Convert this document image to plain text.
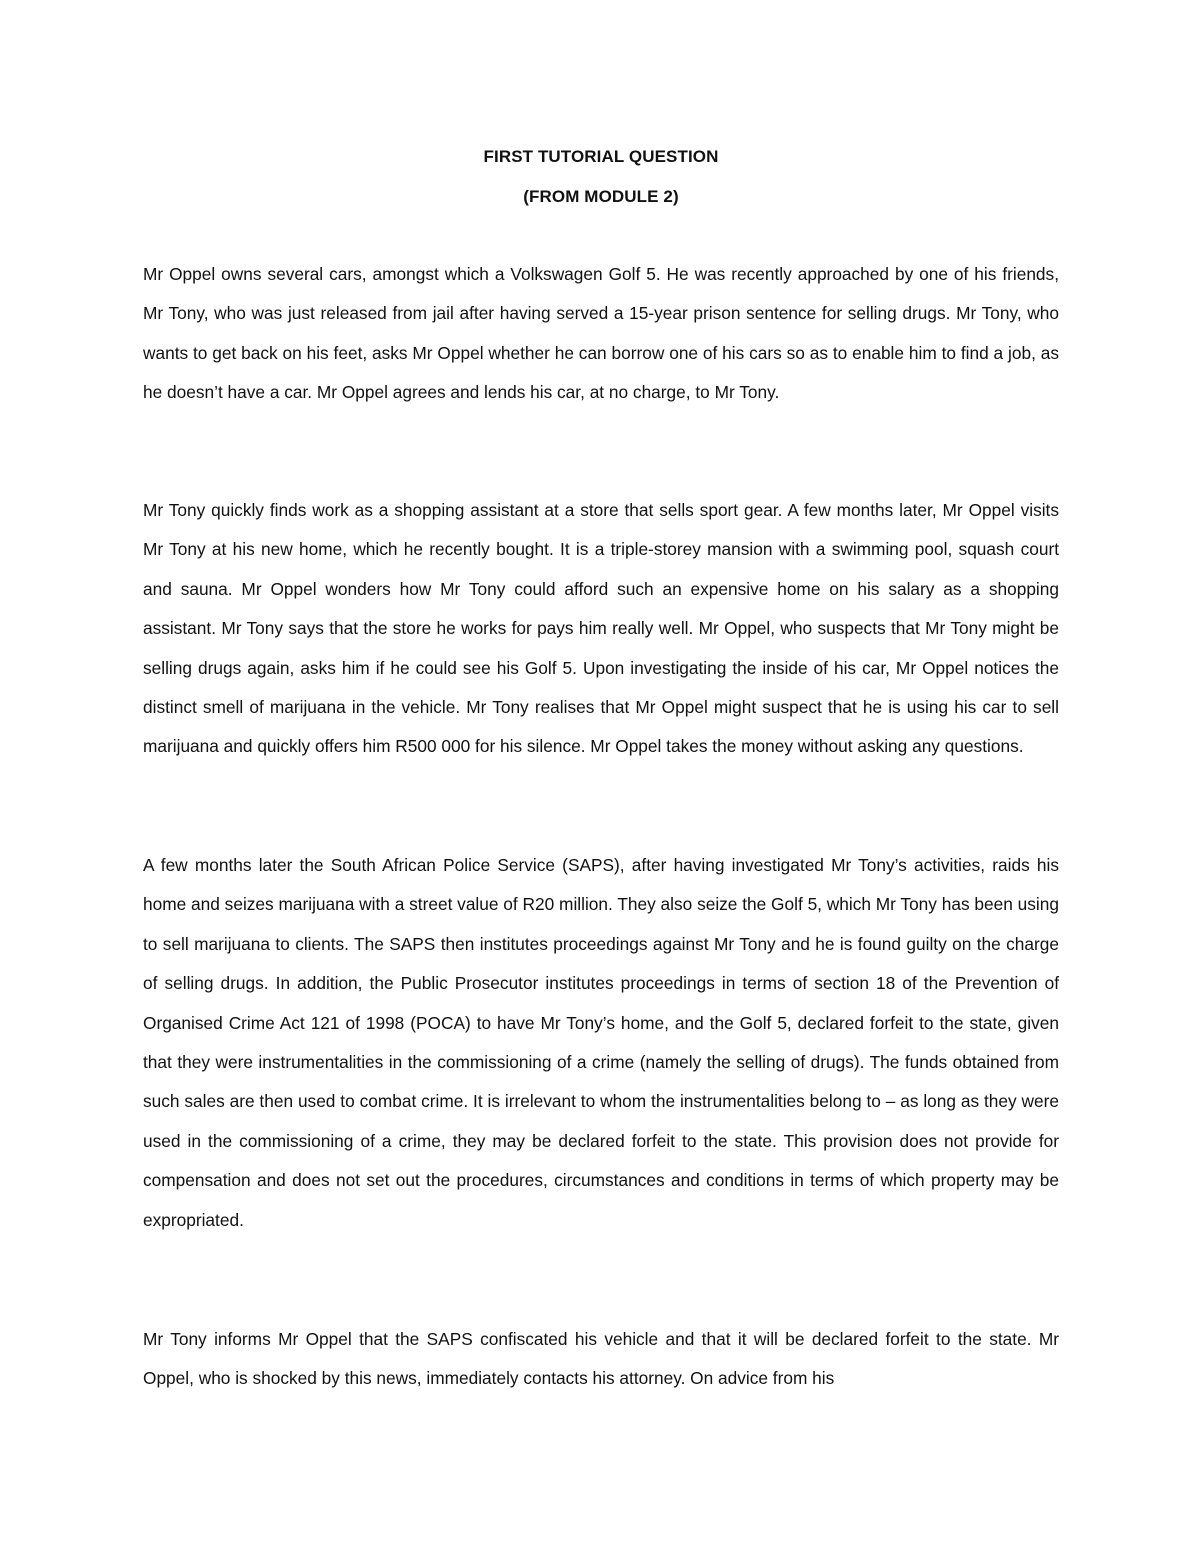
FIRST TUTORIAL QUESTION
(FROM MODULE 2)

Mr Oppel owns several cars, amongst which a Volkswagen Golf 5. He was recently approached by one of his friends, Mr Tony, who was just released from jail after having served a 15-year prison sentence for selling drugs. Mr Tony, who wants to get back on his feet, asks Mr Oppel whether he can borrow one of his cars so as to enable him to find a job, as he doesn’t have a car. Mr Oppel agrees and lends his car, at no charge, to Mr Tony.

Mr Tony quickly finds work as a shopping assistant at a store that sells sport gear. A few months later, Mr Oppel visits Mr Tony at his new home, which he recently bought. It is a triple-storey mansion with a swimming pool, squash court and sauna. Mr Oppel wonders how Mr Tony could afford such an expensive home on his salary as a shopping assistant. Mr Tony says that the store he works for pays him really well. Mr Oppel, who suspects that Mr Tony might be selling drugs again, asks him if he could see his Golf 5. Upon investigating the inside of his car, Mr Oppel notices the distinct smell of marijuana in the vehicle. Mr Tony realises that Mr Oppel might suspect that he is using his car to sell marijuana and quickly offers him R500 000 for his silence. Mr Oppel takes the money without asking any questions.

A few months later the South African Police Service (SAPS), after having investigated Mr Tony’s activities, raids his home and seizes marijuana with a street value of R20 million. They also seize the Golf 5, which Mr Tony has been using to sell marijuana to clients. The SAPS then institutes proceedings against Mr Tony and he is found guilty on the charge of selling drugs. In addition, the Public Prosecutor institutes proceedings in terms of section 18 of the Prevention of Organised Crime Act 121 of 1998 (POCA) to have Mr Tony’s home, and the Golf 5, declared forfeit to the state, given that they were instrumentalities in the commissioning of a crime (namely the selling of drugs). The funds obtained from such sales are then used to combat crime. It is irrelevant to whom the instrumentalities belong to – as long as they were used in the commissioning of a crime, they may be declared forfeit to the state. This provision does not provide for compensation and does not set out the procedures, circumstances and conditions in terms of which property may be expropriated.

Mr Tony informs Mr Oppel that the SAPS confiscated his vehicle and that it will be declared forfeit to the state. Mr Oppel, who is shocked by this news, immediately contacts his attorney. On advice from his
